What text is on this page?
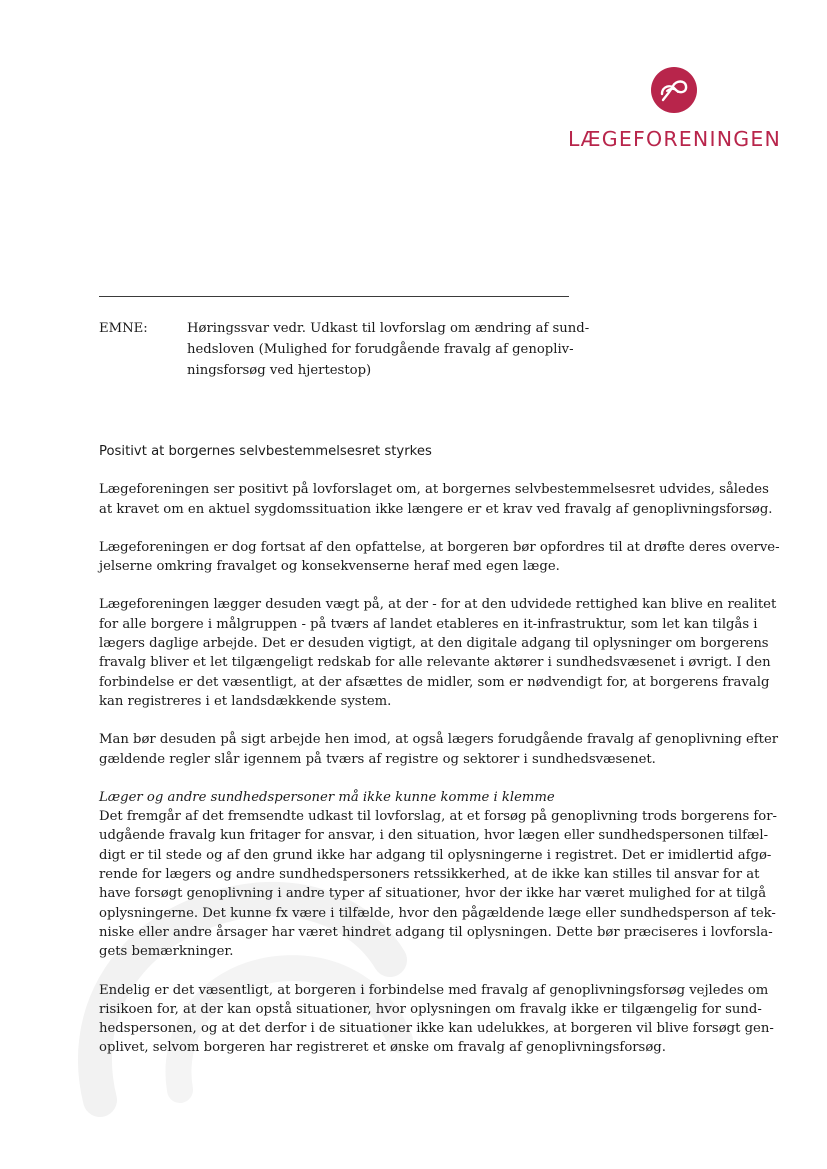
LÆGEFORENINGEN
EMNE:	Høringssvar vedr. Udkast til lovforslag om ændring af sund-
hedsloven (Mulighed for forudgående fravalg af genopliv-
ningsforsøg ved hjertestop)
Positivt at borgernes selvbestemmelsesret styrkes
Lægeforeningen ser positivt på lovforslaget om, at borgernes selvbestemmelsesret udvides, således
at kravet om en aktuel sygdomssituation ikke længere er et krav ved fravalg af genoplivningsforsøg.
Lægeforeningen er dog fortsat af den opfattelse, at borgeren bør opfordres til at drøfte deres overve-
jelserne omkring fravalget og konsekvenserne heraf med egen læge.
Lægeforeningen lægger desuden vægt på, at der - for at den udvidede rettighed kan blive en realitet
for alle borgere i målgruppen - på tværs af landet etableres en it-infrastruktur, som let kan tilgås i
lægers daglige arbejde. Det er desuden vigtigt, at den digitale adgang til oplysninger om borgerens
fravalg bliver et let tilgængeligt redskab for alle relevante aktører i sundhedsvæsenet i øvrigt. I den
forbindelse er det væsentligt, at der afsættes de midler, som er nødvendigt for, at borgerens fravalg
kan registreres i et landsdækkende system.
Man bør desuden på sigt arbejde hen imod, at også lægers forudgående fravalg af genoplivning efter
gældende regler slår igennem på tværs af registre og sektorer i sundhedsvæsenet.
Læger og andre sundhedspersoner må ikke kunne komme i klemme
Det fremgår af det fremsendte udkast til lovforslag, at et forsøg på genoplivning trods borgerens for-
udgående fravalg kun fritager for ansvar, i den situation, hvor lægen eller sundhedspersonen tilfæl-
digt er til stede og af den grund ikke har adgang til oplysningerne i registret. Det er imidlertid afgø-
rende for lægers og andre sundhedspersoners retssikkerhed, at de ikke kan stilles til ansvar for at
have forsøgt genoplivning i andre typer af situationer, hvor der ikke har været mulighed for at tilgå
oplysningerne. Det kunne fx være i tilfælde, hvor den pågældende læge eller sundhedsperson af tek-
niske eller andre årsager har været hindret adgang til oplysningen. Dette bør præciseres i lovforsla-
gets bemærkninger.
Endelig er det væsentligt, at borgeren i forbindelse med fravalg af genoplivningsforsøg vejledes om
risikoen for, at der kan opstå situationer, hvor oplysningen om fravalg ikke er tilgængelig for sund-
hedspersonen, og at det derfor i de situationer ikke kan udelukkes, at borgeren vil blive forsøgt gen-
oplivet, selvom borgeren har registreret et ønske om fravalg af genoplivningsforsøg.
